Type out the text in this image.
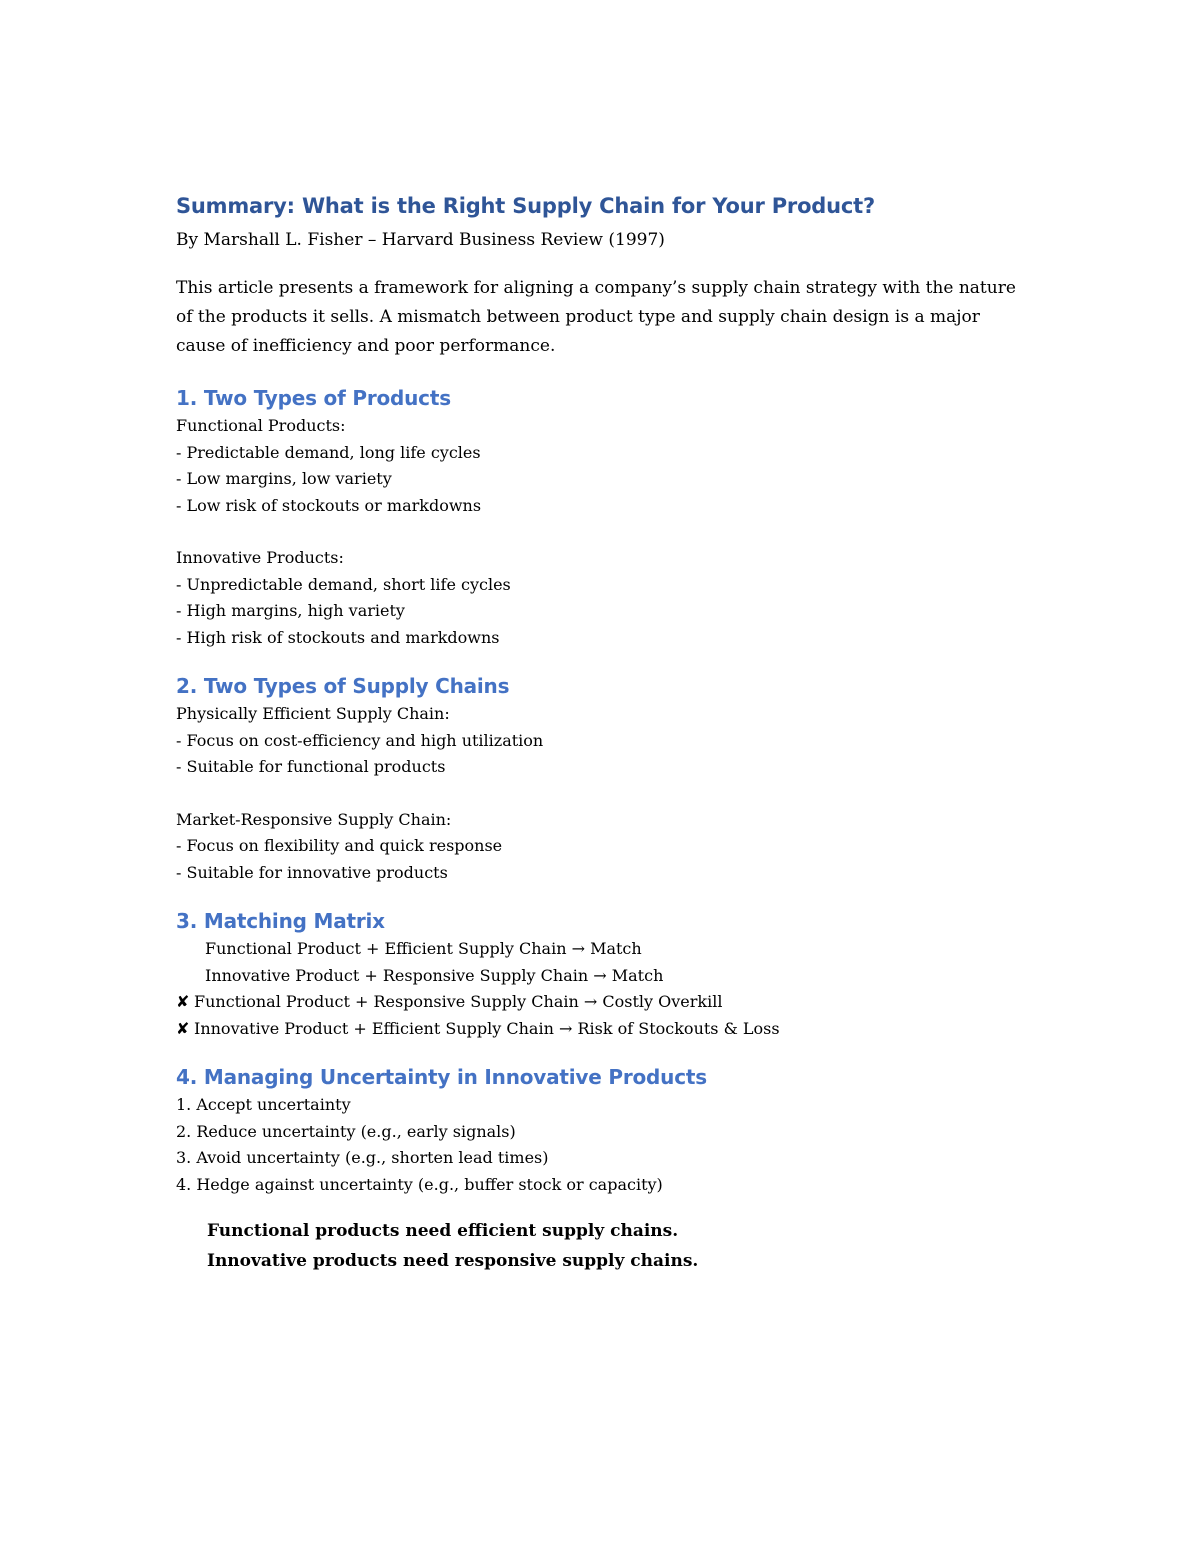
Summary: What is the Right Supply Chain for Your Product?

By Marshall L. Fisher – Harvard Business Review (1997)

This article presents a framework for aligning a company’s supply chain strategy with the nature of the products it sells. A mismatch between product type and supply chain design is a major cause of inefficiency and poor performance.

1. Two Types of Products

Functional Products:

- Predictable demand, long life cycles

- Low margins, low variety

- Low risk of stockouts or markdowns

Innovative Products:

- Unpredictable demand, short life cycles

- High margins, high variety

- High risk of stockouts and markdowns

2. Two Types of Supply Chains

Physically Efficient Supply Chain:

- Focus on cost-efficiency and high utilization

- Suitable for functional products

Market-Responsive Supply Chain:

- Focus on flexibility and quick response

- Suitable for innovative products

3. Matching Matrix

Functional Product + Efficient Supply Chain → Match

Innovative Product + Responsive Supply Chain → Match

✘ Functional Product + Responsive Supply Chain → Costly Overkill

✘ Innovative Product + Efficient Supply Chain → Risk of Stockouts & Loss

4. Managing Uncertainty in Innovative Products

1. Accept uncertainty

2. Reduce uncertainty (e.g., early signals)

3. Avoid uncertainty (e.g., shorten lead times)

4. Hedge against uncertainty (e.g., buffer stock or capacity)

Functional products need efficient supply chains.

Innovative products need responsive supply chains.
